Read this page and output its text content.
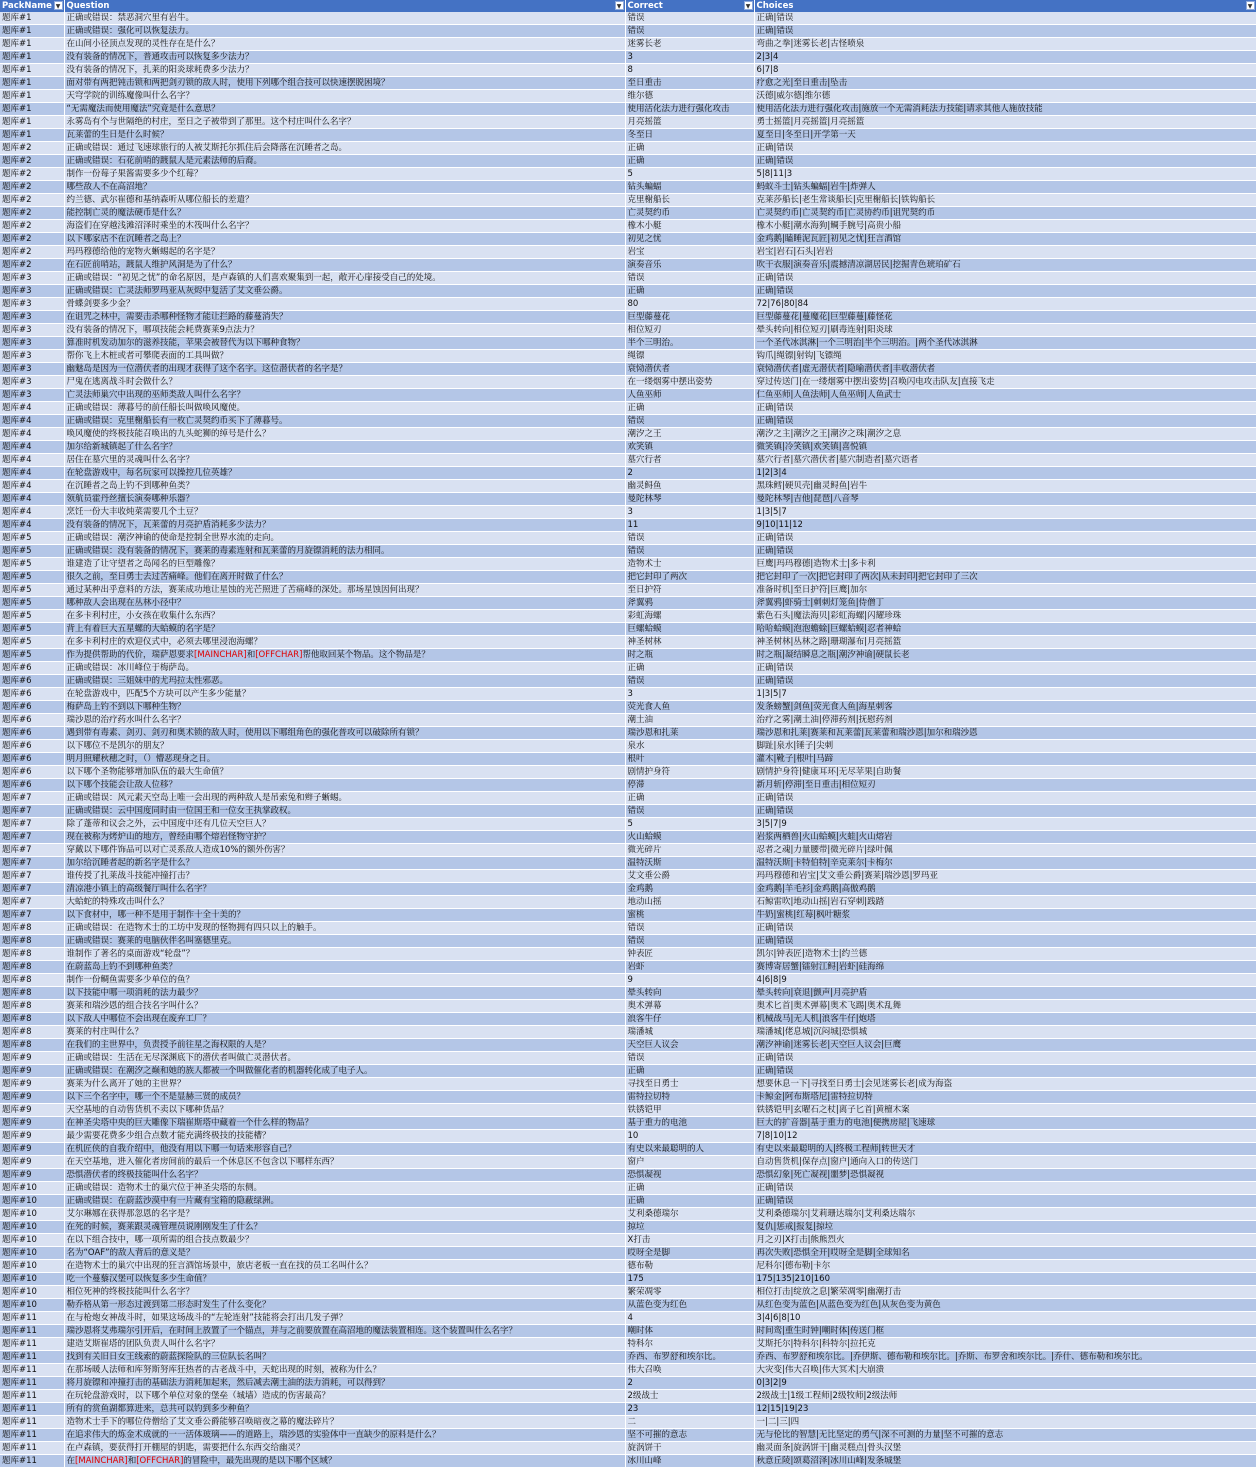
PackName ▼	Question ▼	Correct ▼	Choices ▼

题库#1	正确或错误：禁恶洞穴里有岩牛。	错误	正确|错误
题库#1	正确或错误：强化可以恢复法力。	错误	正确|错误
题库#1	在山间小径顶点发现的灵性存在是什么？	迷雾长老	弯曲之拳|迷雾长老|古怪喷泉
题库#1	没有装备的情况下，普通攻击可以恢复多少法力？	3	2|3|4
题库#1	没有装备的情况下，扎莱的阳炎球耗费多少法力？	8	6|7|8
题库#1	面对带有两把钝击锁和两把剑刃锁的敌人时，使用下列哪个组合技可以快速摆脱困境？	至日重击	疗愈之光|至日重击|坠击
题库#1	天穹学院的训练魔像叫什么名字？	维尔德	沃德|威尔德|维尔德
题库#1	“无需魔法而使用魔法”究竟是什么意思？	使用活化法力进行强化攻击	使用活化法力进行强化攻击|施放一个无需消耗法力技能|请求其他人施放技能
题库#1	永雾岛有个与世隔绝的村庄，至日之子被带到了那里。这个村庄叫什么名字？	月亮摇篮	勇士摇篮|月亮摇篮|月亮摇篮
题库#1	瓦莱蕾的生日是什么时候？	冬至日	夏至日|冬至日|开学第一天
题库#2	正确或错误：通过飞速球旅行的人被艾斯托尔抓住后会降落在沉睡者之岛。	正确	正确|错误
题库#2	正确或错误：石花前哨的踱鼠人是元素法师的后裔。	正确	正确|错误
题库#2	制作一份莓子果酱需要多少个红莓？	5	5|8|11|3
题库#2	哪些敌人不在高沼地？	钻头蝙蝠	蚂蚁斗士|钻头蝙蝠|岩牛|炸弹人
题库#2	约兰德、武尔崔德和基纳森听从哪位船长的差遣？	克里榭船长	克莱莎船长|老生常谈船长|克里榭船长|铁钩船长
题库#2	能控制亡灵的魔法硬币是什么？	亡灵契约币	亡灵契约币|亡灵契约币|亡灵协约币|诅咒契约币
题库#2	海盗们在穿越浅滩沼泽时乘坐的木筏叫什么名字？	橡木小艇	橡木小艇|潮水海狗|鲷手腕号|高贵小船
题库#2	以下哪家店不在沉睡者之岛上？	初见之忧	金鸡鹅|瞌睡泥瓦匠|初见之忧|狂言酒馆
题库#2	玛玛穆德给他的宠物火蜥蜴起的名字是？	岩宝	岩宝|岩石|石头|岩岩
题库#2	在石匠前哨站，踱鼠人维护风洞是为了什么？	演奏音乐	吹干衣服|演奏音乐|震撼清凉湖居民|挖掘青色琥珀矿石
题库#3	正确或错误：“初见之忧”的命名原因，是卢森镇的人们喜欢聚集到一起，敞开心扉接受自己的处境。	错误	正确|错误
题库#3	正确或错误：亡灵法师罗玛亚从灰烬中复活了艾文垂公爵。	正确	正确|错误
题库#3	骨蝶剑要多少金？	80	72|76|80|84
题库#3	在诅咒之林中，需要击杀哪种怪物才能让拦路的藤蔓消失？	巨型藤蔓花	巨型藤蔓花|蔓魔花|巨型藤蔓|藤怪花
题库#3	没有装备的情况下，哪项技能会耗费赛莱9点法力？	相位短刃	晕头转向|相位短刃|刷毒连射|阳炎球
题库#3	算准时机发动加尔的滋养技能，苹果会被替代为以下哪种食物？	半个三明治。	一个圣代冰淇淋|一个三明治|半个三明治。|两个圣代冰淇淋
题库#3	帮你飞上木桩或者可攀爬表面的工具叫做？	绳镖	钩爪|绳镖|射钩|飞镖绳
题库#3	幽魅岛是因为一位潜伏者的出现才获得了这个名字。这位潜伏者的名字是？	衰恸潜伏者	衰恸潜伏者|虚无潜伏者|隐喻潜伏者|丰收潜伏者
题库#3	尸鬼在逃离战斗时会做什么？	在一缕烟雾中摆出姿势	穿过传送门|在一缕烟雾中摆出姿势|召唤闪电攻击队友|直接飞走
题库#3	亡灵法师巢穴中出现的巫师类敌人叫什么名字？	人鱼巫师	仁鱼巫师|人鱼法师|人鱼巫师|人鱼武士
题库#4	正确或错误：薄暮号的前任船长叫做唤风魔使。	正确	正确|错误
题库#4	正确或错误：克里榭船长有一枚亡灵契约币买下了薄暮号。	错误	正确|错误
题库#4	唤风魔使的终极技能召唤出的九头蛇狮的绰号是什么？	潮汐之王	潮汐之主|潮汐之王|潮汐之珠|潮汐之息
题库#4	加尔给新城镇起了什么名字？	欢笑镇	微笑镇|冷笑镇|欢笑镇|喜悦镇
题库#4	居住在墓穴里的灵魂叫什么名字？	墓穴行者	墓穴行者|墓穴潜伏者|墓穴制造者|墓穴语者
题库#4	在轮盘游戏中，每名玩家可以操控几位英雄？	2	1|2|3|4
题库#4	在沉睡者之岛上钓不到哪种鱼类？	幽灵鲟鱼	黑珠鳕|硬贝壳|幽灵鲟鱼|岩牛
题库#4	领航员霍丹丝擅长演奏哪种乐器？	曼陀林琴	曼陀林琴|吉他|琵琶|八音琴
题库#4	烹饪一份大丰收炖菜需要几个土豆？	3	1|3|5|7
题库#4	没有装备的情况下，瓦莱蕾的月亮护盾消耗多少法力？	11	9|10|11|12
题库#5	正确或错误：潮汐神谕的使命是控制全世界水流的走向。	错误	正确|错误
题库#5	正确或错误：没有装备的情况下，赛莱的毒素连射和瓦莱蕾的月旋镖消耗的法力相同。	错误	正确|错误
题库#5	谁建造了让守望者之岛闻名的巨型雕像？	造物术士	巨鹰|玛玛穆德|造物术士|多卡利
题库#5	很久之前，至日勇士去过苦痛峰。他们在离开时做了什么？	把它封印了两次	把它封印了一次|把它封印了两次|从未封印|把它封印了三次
题库#5	通过某种出乎意料的方法，赛莱成功地让星蚀的光芒照进了苦痛峰的深处。那场星蚀因何出现？	至日护符	准备时机|至日护符|巨鹰|加尔
题库#5	哪种敌人会出现在丛林小径中？	斧翼鸦	斧翼鸦|虾骑士|刺刺灯笼鱼|侍僧丁
题库#5	在多卡利村庄，小女孩在收集什么东西？	彩虹海螺	紫色石头|魔法海贝|彩虹海螺|闪耀珍珠
题库#5	背上有着巨大五星螺的大蛤蟆的名字是？	巨螺蛤蟆	哈哈蛤蟆|泡泡蟾蜍|巨螺蛤蟆|忍者神蛤
题库#5	在多卡利村庄的欢迎仪式中，必须去哪里浸泡海螺？	神圣树林	神圣树林|丛林之路|珊瑚瀑布|月亮摇篮
题库#5	作为提供帮助的代价，瑞萨恩要求[MAINCHAR]和[OFFCHAR]帮他取回某个物品。这个物品是？	时之瓶	时之瓶|凝结瞬息之瓶|潮汐神谕|硬鼠长老
题库#6	正确或错误：冰川峰位于梅萨岛。	正确	正确|错误
题库#6	正确或错误：三姐妹中的尤玛拉太性邪恶。	错误	正确|错误
题库#6	在轮盘游戏中，匹配5个方块可以产生多少能量？	3	1|3|5|7
题库#6	梅萨岛上钓不到以下哪种生物？	荧光食人鱼	发条螃蟹|剑鱼|荧光食人鱼|海星刺客
题库#6	瑞沙恩的治疗药水叫什么名字？	潮土油	治疗之雾|潮土油|停滞药剂|抚慰药剂
题库#6	遇到带有毒素、剑刃、剑刃和奥术锁的敌人时，使用以下哪组角色的强化普攻可以破除所有锁？	瑞沙恩和扎莱	瑞沙恩和扎莱|赛莱和瓦莱蕾|瓦莱蕾和瑞沙恩|加尔和瑞沙恩
题库#6	以下哪位不是凯尔的朋友？	泉水	脚趾|泉水|锤子|尖刺
题库#6	明月照耀秋穗之时，（）懵恶现身之日。	根叶	灌木|靴子|根叶|马蹄
题库#6	以下哪个圣物能够增加队伍的最大生命值？	剧情护身符	剧情护身符|健康耳环|无尽苹果|自助餐
题库#6	以下哪个技能会让敌人位移？	停滞	新月斩|停滞|至日重击|相位短刃
题库#7	正确或错误：风元素天空岛上唯一会出现的两种敌人是吊索兔和辫子蜥蜴。	正确	正确|错误
题库#7	正确或错误：云中国度同时由一位国王和一位女王执掌政权。	错误	正确|错误
题库#7	除了蓬蒂和议会之外，云中国度中还有几位天空巨人？	5	3|5|7|9
题库#7	现在被称为烤炉山的地方，曾经由哪个熔岩怪物守护？	火山蛤蟆	岩浆两栖兽|火山蛤蟆|火蛙|火山熔岩
题库#7	穿戴以下哪件饰品可以对亡灵系敌人造成10%的额外伤害？	微光碎片	忍者之魂|力量腰带|微光碎片|绿叶佩
题库#7	加尔给沉睡者起的新名字是什么？	温特沃斯	温特沃斯|卡特伯特|辛克莱尔|卡梅尔
题库#7	谁传授了扎莱战斗技能冲撞打击？	艾文垂公爵	玛玛穆德和岩宝|艾文垂公爵|赛莱|瑞沙恩|罗玛亚
题库#7	清凉港小镇上的高级餐厅叫什么名字？	金鸡鹅	金鸡鹅|羊毛衫|金鸡鹅|高傲鸡鹅
题库#7	大蛤蛇的特殊攻击叫什么？	地动山摇	石鲸雷吹|地动山摇|岩石穿刺|践踏
题库#7	以下食材中，哪一种不是用于制作十全十美的？	蜜桃	牛奶|蜜桃|红莓|枫叶糖浆
题库#8	正确或错误：在造物术士的工坊中发现的怪物拥有四只以上的触手。	错误	正确|错误
题库#8	正确或错误：赛莱的电脑伙伴名叫塞德里克。	错误	正确|错误
题库#8	谁制作了著名的桌面游戏“轮盘”？	钟表匠	凯尔|钟表匠|造物术士|约兰德
题库#8	在蔚蓝岛上钓不到哪种鱼类？	岩虾	赛博寄居蟹|镭射江鲟|岩虾|硅海绵
题库#8	制作一份鲷鱼需要多少单位的鱼？	9	4|6|8|9
题库#8	以下技能中哪一项消耗的法力最少？	晕头转向	晕头转向|衰退|颤声|月亮护盾
题库#8	赛莱和瑞沙恩的组合技名字叫什么？	奥术弹幕	奥术匕首|奥术弹幕|奥术飞踢|奥术乱舞
题库#8	以下敌人中哪位不会出现在废弃工厂？	浪客牛仔	机械战马|无人机|浪客牛仔|炮塔
题库#8	赛莱的村庄叫什么？	瑞潘城	瑞潘城|佬息城|沉闷城|恐惧城
题库#8	在我们的主世界中，负责授予前往星之海权限的人是？	天空巨人议会	潮汐神谕|迷雾长老|天空巨人议会|巨鹰
题库#9	正确或错误：生活在无尽深渊底下的潜伏者叫做亡灵潜伏者。	错误	正确|错误
题库#9	正确或错误：在潮汐之巅和她的族人都被一个叫做催化者的机器转化成了电子人。	正确	正确|错误
题库#9	赛莱为什么离开了她的主世界？	寻找至日勇士	想要休息一下|寻找至日勇士|会见迷雾长老|成为海盗
题库#9	以下三个名字中，哪一个不是显赫三贤的成员？	雷特拉切特	卡鲸金|阿布斯塔尼|雷特拉切特
题库#9	天空基地的自动售货机不卖以下哪种货品？	铁锈铠甲	铁锈铠甲|玄曜石之杖|离子匕首|黄檀木案
题库#9	在神圣尖塔中央的巨大雕像下瑞崔斯塔中藏着一个什么样的物品？	基于重力的电池	巨大的扩音器|基于重力的电池|便携房屋|飞速球
题库#9	最少需要花费多少组合点数才能充满终极技的技能槽？	10	7|8|10|12
题库#9	在机匠侠的自我介绍中，他没有用以下哪一句话来形容自己？	有史以来最聪明的人	有史以来最聪明的人|终极工程师|转世天才
题库#9	在天空基地，进入催化者房间前的最后一个休息区不包含以下哪样东西？	窗户	自动售货机|保存点|窗户|通向入口的传送门
题库#9	恐惧潜伏者的终极技能叫什么名字？	恐惧凝视	恐惧幻象|死亡凝视|噩梦|恐惧凝视
题库#10	正确或错误：造物术士的巢穴位于神圣尖塔的东侧。	正确	正确|错误
题库#10	正确或错误：在蔚蓝沙漠中有一片藏有宝箱的隐蔽绿洲。	正确	正确|错误
题库#10	艾尔琳娜在获得那忽恩的名字是？	艾利桑德瑞尔	艾利桑德瑞尔|艾莉珊达瑞尔|艾利桑达瑞尔
题库#10	在死的时候，赛莱跟灵魂管理员说刚刚发生了什么？	掠垃	复仇|惩戒|报复|掠垃
题库#10	在以下组合技中，哪一项所需的组合技点数最少？	X打击	月之刃|X打击|熊熊烈火
题库#10	名为“OAF”的敌人背后的意义是？	哎呀全是脚	再次失败|恐惧全开|哎呀全是脚|全球知名
题库#10	在造物术士的巢穴中出现的狂言酒馆场景中，旅店老板一直在找的员工名叫什么？	德布勒	尼科尔|德布勒|卡尔
题库#10	吃一个蔓藜汉堡可以恢复多少生命值？	175	175|135|210|160
题库#10	相位死神的终极技能叫什么名字？	繁荣凋零	相位打击|绽放之息|繁荣凋零|幽潮打击
题库#10	勒乔格从第一形态过渡到第二形态时发生了什么变化？	从蓝色变为红色	从红色变为蓝色|从蓝色变为红色|从灰色变为黄色
题库#11	在与枪炮女神战斗时，如果这场战斗的“左轮连射”技能将会打出几发子弹？	4	3|4|6|8|10
题库#11	瑞沙恩将艾弗瑞尔引开后，在时间上放置了一个锚点，并与之前要放置在高沼地的魔法装置相连。这个装置叫什么名字？	嘲时体	时间鸾|重生时钟|嘲时体|传送门框
题库#11	建造艾斯崔塔的团队负责人叫什么名字？	特科尔	艾斯托尔|特科尔|科特尔|拉托克
题库#11	找到有关旧日女王线索的蔚蓝探险队的三位队长名叫？	乔西、布罗舒和埃尔比。	乔西、布罗舒和埃尔比。|乔伊斯、德布勒和埃尔比。|乔斯、布罗舍和埃尔比。|乔什、德布勒和埃尔比。
题库#11	在那场暖人法师和库努斯努库狂热者的古老战斗中，天蛇出现的时刻，被称为什么？	伟大召唤	大灾变|伟大召唤|伟大冥术|大崩溃
题库#11	将月旋镖和冲撞打击的基础法力消耗加起来，然后减去潮土油的法力消耗，可以得到？	2	0|3|2|9
题库#11	在玩轮盘游戏时，以下哪个单位对象的堡垒（城墙）造成的伤害最高？	2级战士	2级战士|1级工程师|2级牧师|2级法师
题库#11	所有的赏鱼湖都算进来，总共可以钓到多少种鱼？	23	12|15|19|23
题库#11	造物术士手下的哪位侍僧给了艾文垂公爵能够召唤暗夜之幕的魔法碎片？	二	一|二|三|四
题库#11	在追求伟大的炼金术成就的一一活体玻璃——的道路上，瑞沙恩的实验体中一直缺少的原料是什么？	坚不可摧的意志	无与伦比的智慧|无比坚定的勇气|深不可测的力量|坚不可摧的意志
题库#11	在卢森镇，要获得打开棚屋的钥匙，需要把什么东西交给幽灵？	旋涡饼干	幽灵面条|旋涡饼干|幽灵糕点|骨头汉堡
题库#11	在[MAINCHAR]和[OFFCHAR]的冒险中，最先出现的是以下哪个区域？	冰川山峰	秋意丘陵|颂葛沼泽|冰川山峰|发条城堡
